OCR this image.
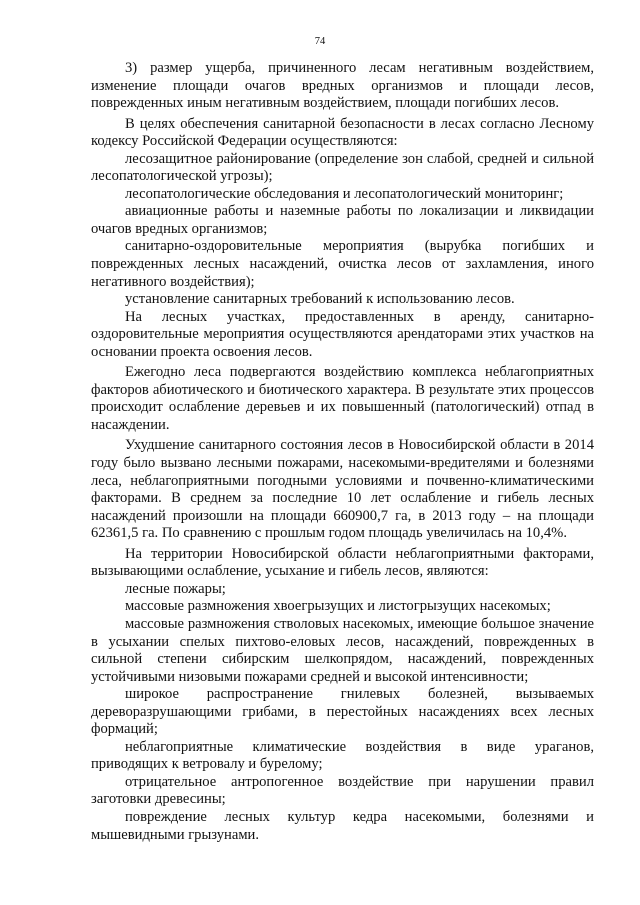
74

3) размер ущерба, причиненного лесам негативным воздействием, изменение площади очагов вредных организмов и площади лесов, поврежденных иным негативным воздействием, площади погибших лесов.

В целях обеспечения санитарной безопасности в лесах согласно Лесному кодексу Российской Федерации осуществляются:

лесозащитное районирование (определение зон слабой, средней и сильной лесопатологической угрозы);

лесопатологические обследования и лесопатологический мониторинг;

авиационные работы и наземные работы по локализации и ликвидации очагов вредных организмов;

санитарно-оздоровительные мероприятия (вырубка погибших и поврежденных лесных насаждений, очистка лесов от захламления, иного негативного воздействия);

установление санитарных требований к использованию лесов.

На лесных участках, предоставленных в аренду, санитарно-оздоровительные мероприятия осуществляются арендаторами этих участков на основании проекта освоения лесов.

Ежегодно леса подвергаются воздействию комплекса неблагоприятных факторов абиотического и биотического характера. В результате этих процессов происходит ослабление деревьев и их повышенный (патологический) отпад в насаждении.

Ухудшение санитарного состояния лесов в Новосибирской области в 2014 году было вызвано лесными пожарами, насекомыми-вредителями и болезнями леса, неблагоприятными погодными условиями и почвенно-климатическими факторами. В среднем за последние 10 лет ослабление и гибель лесных насаждений произошли на площади 660900,7 га, в 2013 году – на площади 62361,5 га. По сравнению с прошлым годом площадь увеличилась на 10,4%.

На территории Новосибирской области неблагоприятными факторами, вызывающими ослабление, усыхание и гибель лесов, являются:

лесные пожары;

массовые размножения хвоегрызущих и листогрызущих насекомых;

массовые размножения стволовых насекомых, имеющие большое значение в усыхании спелых пихтово-еловых лесов, насаждений, поврежденных в сильной степени сибирским шелкопрядом, насаждений, поврежденных устойчивыми низовыми пожарами средней и высокой интенсивности;

широкое распространение гнилевых болезней, вызываемых дереворазрушающими грибами, в перестойных насаждениях всех лесных формаций;

неблагоприятные климатические воздействия в виде ураганов, приводящих к ветровалу и бурелому;

отрицательное антропогенное воздействие при нарушении правил заготовки древесины;

повреждение лесных культур кедра насекомыми, болезнями и мышевидными грызунами.
